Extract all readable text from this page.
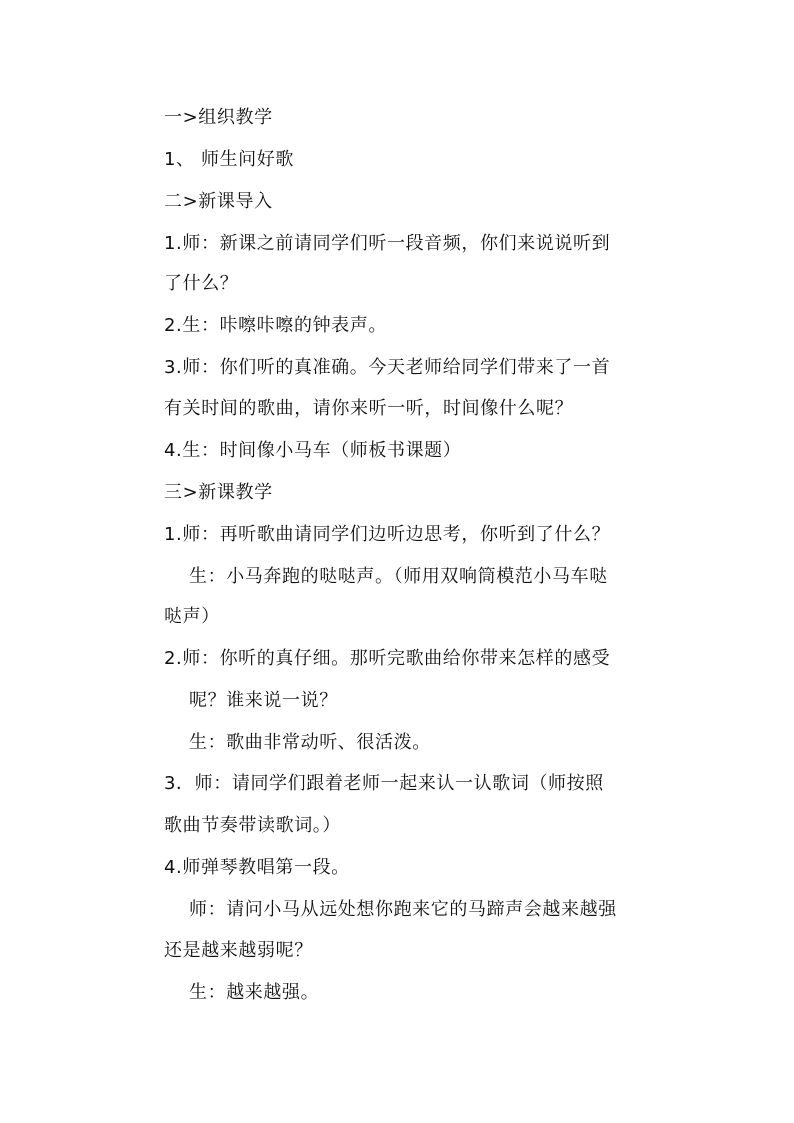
一>组织教学
1、 师生问好歌
二>新课导入
1.师：新课之前请同学们听一段音频，你们来说说听到
了什么？
2.生：咔嚓咔嚓的钟表声。
3.师：你们听的真准确。今天老师给同学们带来了一首
有关时间的歌曲，请你来听一听，时间像什么呢？
4.生：时间像小马车（师板书课题）
三>新课教学
1.师：再听歌曲请同学们边听边思考，你听到了什么？
生：小马奔跑的哒哒声。（师用双响筒模范小马车哒
哒声）
2.师：你听的真仔细。那听完歌曲给你带来怎样的感受
呢？谁来说一说？
生：歌曲非常动听、很活泼。
3．师：请同学们跟着老师一起来认一认歌词（师按照
歌曲节奏带读歌词。）
4.师弹琴教唱第一段。
师：请问小马从远处想你跑来它的马蹄声会越来越强
还是越来越弱呢？
生：越来越强。
